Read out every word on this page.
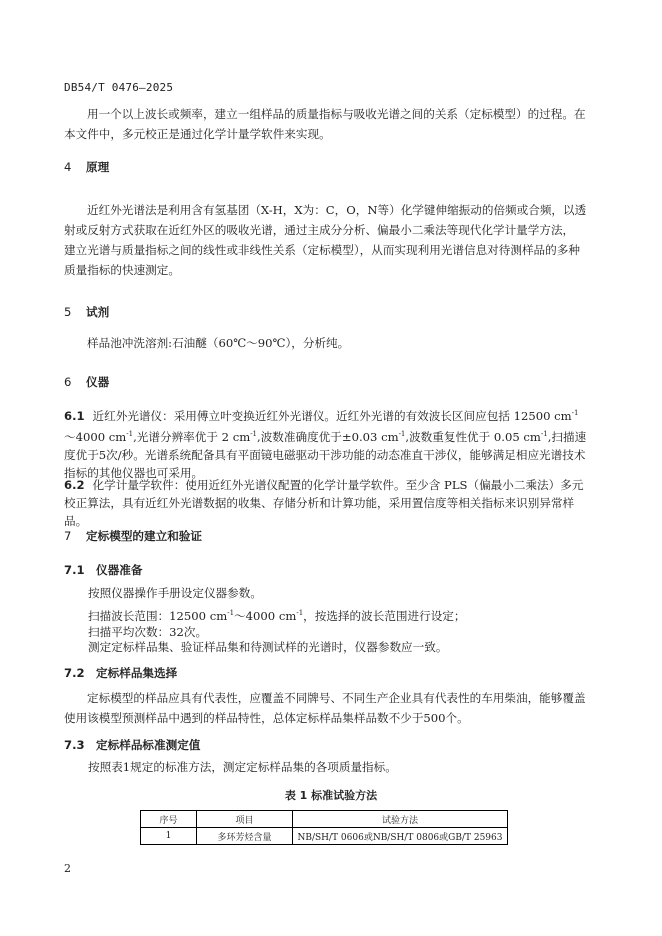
DB54/T 0476—2025

用一个以上波长或频率，建立一组样品的质量指标与吸收光谱之间的关系（定标模型）的过程。在本文件中，多元校正是通过化学计量学软件来实现。

4 原理

近红外光谱法是利用含有氢基团（X-H，X为：C，O，N等）化学键伸缩振动的倍频或合频，以透射或反射方式获取在近红外区的吸收光谱，通过主成分分析、偏最小二乘法等现代化学计量学方法， 建立光谱与质量指标之间的线性或非线性关系（定标模型），从而实现利用光谱信息对待测样品的多种质量指标的快速测定。

5 试剂

样品池冲洗溶剂:石油醚（60℃～90℃），分析纯。

6 仪器
6.1 近红外光谱仪：采用傅立叶变换近红外光谱仪。近红外光谱的有效波长区间应包括 12500 $cm^{-1}\sim 4000$ $cm^{-1}$,光谱分辨率优于 2 $cm^{-1}$,波数准确度优于±0.03 $cm^{-1}$,波数重复性优于 0.05 $cm^{-1}$,扫描速度优于5次/秒。光谱系统配备具有平面镜电磁驱动干涉功能的动态准直干涉仪，能够满足相应光谱技术指标的其他仪器也可采用。
6.2 化学计量学软件：使用近红外光谱仪配置的化学计量学软件。至少含 PLS（偏最小二乘法）多元校正算法，具有近红外光谱数据的收集、存储分析和计算功能，采用置信度等相关指标来识别异常样品。
7 定标模型的建立和验证
7.1 仪器准备
按照仪器操作手册设定仪器参数。
扫描波长范围：12500 $cm^{-1}\sim 4000$ $cm^{-1}$，按选择的波长范围进行设定；
扫描平均次数：32次。
测定定标样品集、验证样品集和待测试样的光谱时，仪器参数应一致。
7.2 定标样品集选择

定标模型的样品应具有代表性，应覆盖不同牌号、不同生产企业具有代表性的车用柴油，能够覆盖使用该模型预测样品中遇到的样品特性，总体定标样品集样品数不少于500个。

7.3 定标样品标准测定值
按照表1规定的标准方法，测定定标样品集的各项质量指标。
表 1 标准试验方法
序号	项目	试验方法
1	多环芳烃含量	NB/SH/T 0606或NB/SH/T 0806或GB/T 25963
2
